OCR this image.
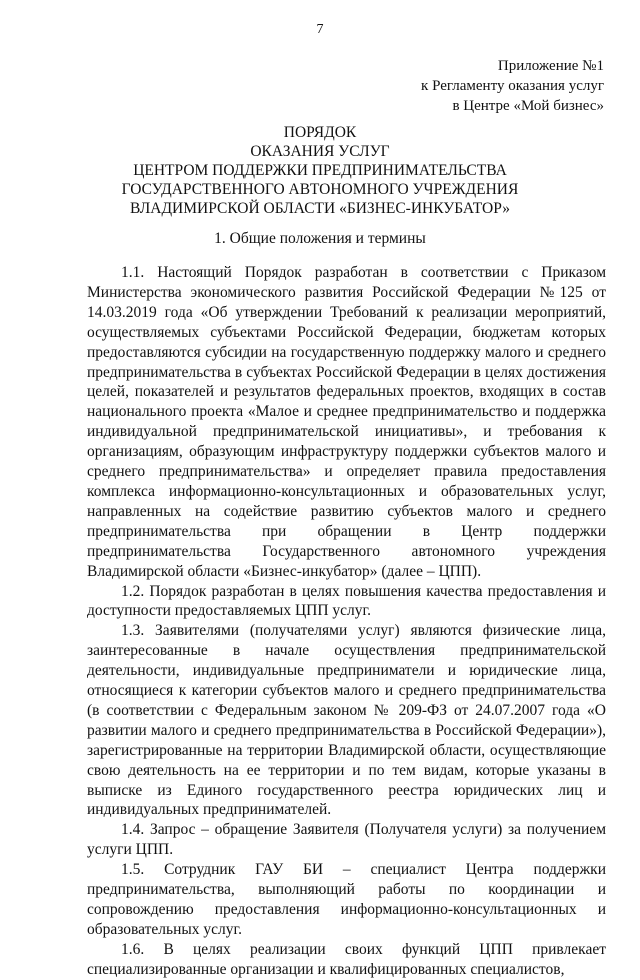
7
Приложение №1
к Регламенту оказания услуг
в Центре «Мой бизнес»
ПОРЯДОК
ОКАЗАНИЯ УСЛУГ
ЦЕНТРОМ ПОДДЕРЖКИ ПРЕДПРИНИМАТЕЛЬСТВА
ГОСУДАРСТВЕННОГО АВТОНОМНОГО УЧРЕЖДЕНИЯ
ВЛАДИМИРСКОЙ ОБЛАСТИ «БИЗНЕС-ИНКУБАТОР»
1. Общие положения и термины

1.1. Настоящий Порядок разработан в соответствии с Приказом Министерства экономического развития Российской Федерации №125 от 14.03.2019 года «Об утверждении Требований к реализации мероприятий, осуществляемых субъектами Российской Федерации, бюджетам которых предоставляются субсидии на государственную поддержку малого и среднего предпринимательства в субъектах Российской Федерации в целях достижения целей, показателей и результатов федеральных проектов, входящих в состав национального проекта «Малое и среднее предпринимательство и поддержка индивидуальной предпринимательской инициативы», и требования к организациям, образующим инфраструктуру поддержки субъектов малого и среднего предпринимательства» и определяет правила предоставления комплекса информационно-консультационных и образовательных услуг, направленных на содействие развитию субъектов малого и среднего предпринимательства при обращении в Центр поддержки предпринимательства Государственного автономного учреждения Владимирской области «Бизнес-инкубатор» (далее – ЦПП).

1.2. Порядок разработан в целях повышения качества предоставления и доступности предоставляемых ЦПП услуг.

1.3. Заявителями (получателями услуг) являются физические лица, заинтересованные в начале осуществления предпринимательской деятельности, индивидуальные предприниматели и юридические лица, относящиеся к категории субъектов малого и среднего предпринимательства (в соответствии с Федеральным законом № 209-ФЗ от 24.07.2007 года «О развитии малого и среднего предпринимательства в Российской Федерации»), зарегистрированные на территории Владимирской области, осуществляющие свою деятельность на ее территории и по тем видам, которые указаны в выписке из Единого государственного реестра юридических лиц и индивидуальных предпринимателей.

1.4. Запрос – обращение Заявителя (Получателя услуги) за получением услуги ЦПП.

1.5. Сотрудник ГАУ БИ – специалист Центра поддержки предпринимательства, выполняющий работы по координации и сопровождению предоставления информационно-консультационных и образовательных услуг.

1.6. В целях реализации своих функций ЦПП привлекает специализированные организации и квалифицированных специалистов,
